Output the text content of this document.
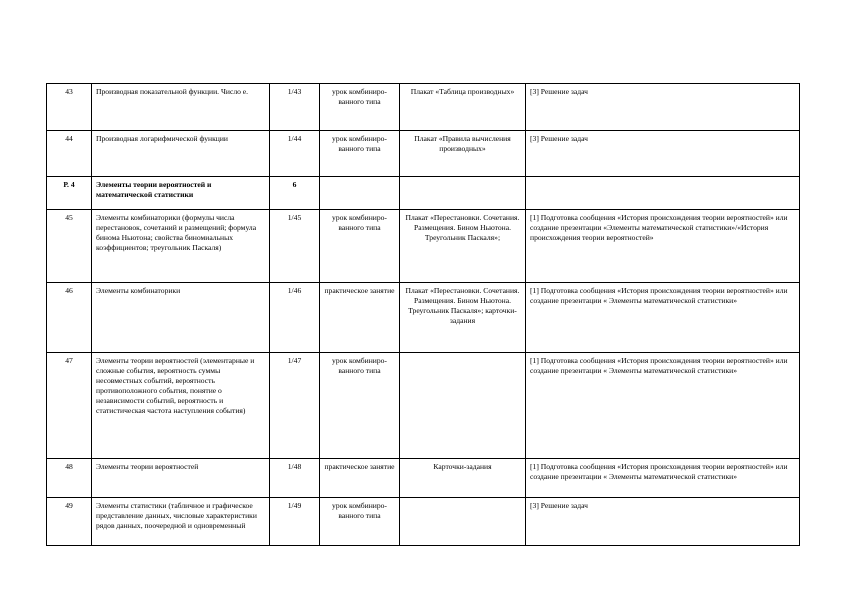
43	Производная показательной функции. Число e.	1/43	урок комбиниро-ванного типа	Плакат «Таблица производных»	[3] Решение задач
44	Производная логарифмической функции	1/44	урок комбиниро-ванного типа	Плакат «Правила вычисления производных»	[3] Решение задач
Р. 4	Элементы теории вероятностей и математической статистики	6			
45	Элементы комбинаторики (формулы числа перестановок, сочетаний и размещений; формула бинома Ньютона; свойства биномиальных коэффициентов; треугольник Паскаля)	1/45	урок комбиниро-ванного типа	Плакат «Перестановки. Сочетания. Размещения. Бином Ньютона. Треугольник Паскаля»;	[1] Подготовка сообщения «История происхождения теории вероятностей» или создание презентации «Элементы математической статистики»/«История происхождения теории вероятностей»
46	Элементы комбинаторики	1/46	практическое занятие	Плакат «Перестановки. Сочетания. Размещения. Бином Ньютона. Треугольник Паскаля»; карточки-задания	[1] Подготовка сообщения «История происхождения теории вероятностей» или создание презентации « Элементы математической статистики»
47	Элементы теории вероятностей (элементарные и сложные события, вероятность суммы несовместных событий, вероятность противоположного события, понятие о независимости событий, вероятность и статистическая частота наступления события)	1/47	урок комбиниро-ванного типа		[1] Подготовка сообщения «История происхождения теории вероятностей» или создание презентации « Элементы математической статистики»
48	Элементы теории вероятностей	1/48	практическое занятие	Карточки-задания	[1] Подготовка сообщения «История происхождения теории вероятностей» или создание презентации « Элементы математической статистики»
49	Элементы статистики (табличное и графическое представление данных, числовые характеристики рядов данных, поочередной и одновременный	1/49	урок комбиниро-ванного типа		[3] Решение задач
